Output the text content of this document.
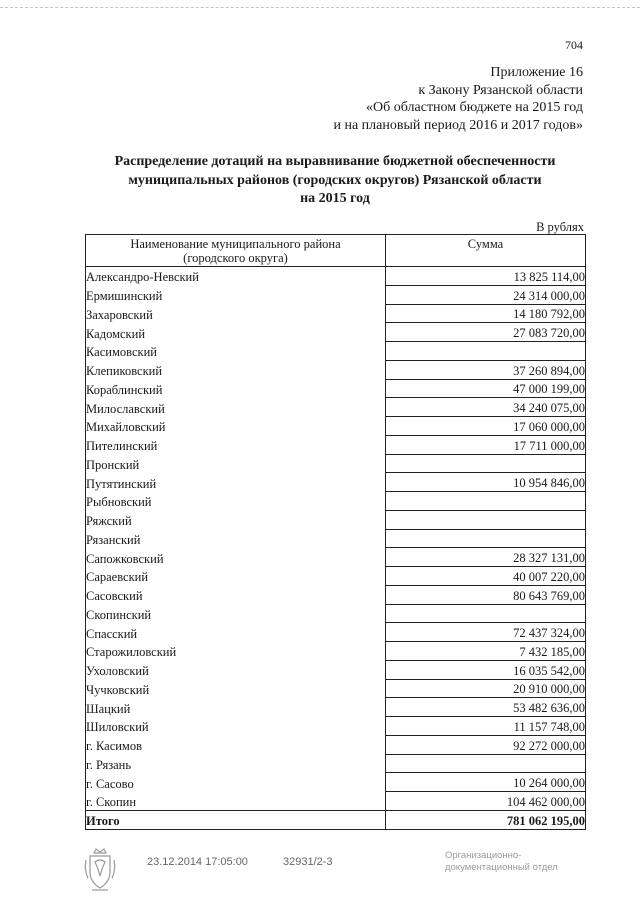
704
Приложение 16
к Закону Рязанской области
«Об областном бюджете на 2015 год
и на плановый период 2016 и 2017 годов»
Распределение дотаций на выравнивание бюджетной обеспеченности
муниципальных районов (городских округов) Рязанской области
на 2015 год
В рублях
Наименование муниципального района
(городского округа)	Сумма
Александро-Невский	13 825 114,00
Ермишинский	24 314 000,00
Захаровский	14 180 792,00
Кадомский	27 083 720,00
Касимовский	
Клепиковский	37 260 894,00
Кораблинский	47 000 199,00
Милославский	34 240 075,00
Михайловский	17 060 000,00
Пителинский	17 711 000,00
Пронский	
Путятинский	10 954 846,00
Рыбновский	
Ряжский	
Рязанский	
Сапожковский	28 327 131,00
Сараевский	40 007 220,00
Сасовский	80 643 769,00
Скопинский	
Спасский	72 437 324,00
Старожиловский	7 432 185,00
Ухоловский	16 035 542,00
Чучковский	20 910 000,00
Шацкий	53 482 636,00
Шиловский	11 157 748,00
г. Касимов	92 272 000,00
г. Рязань	
г. Сасово	10 264 000,00
г. Скопин	104 462 000,00
Итого	781 062 195,00
23.12.2014 17:05:00	32931/2-3
Организационно-
документационный отдел
